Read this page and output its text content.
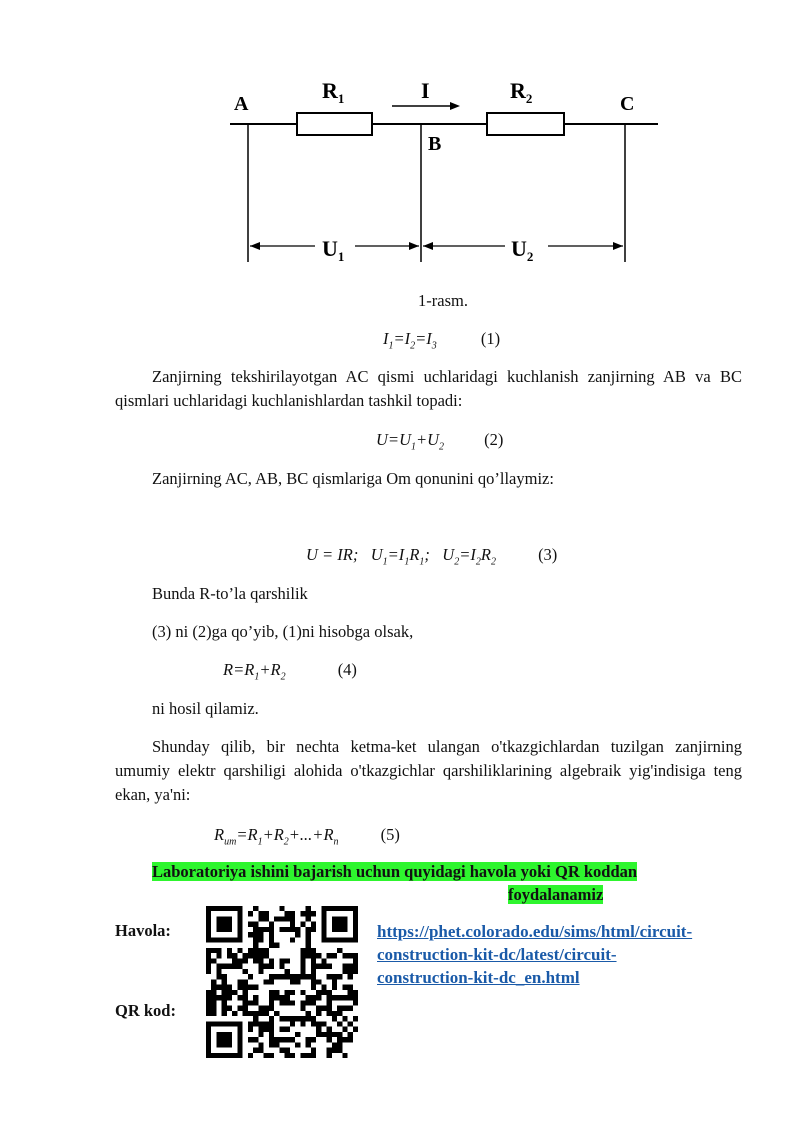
A
$R_1$	I
B
$R_2$	C
$U_1$	$U_2$
1-rasm.
$I_1=I_2=I_3$	(1)
Zanjirning tekshirilayotgan AC qismi uchlaridagi kuchlanish zanjirning AB va BC qismlari uchlaridagi kuchlanishlardan tashkil topadi:
$U=U_1+U_2$ (2)
Zanjirning AC, AB, BC qismlariga Om qonunini qo’llaymiz:
U = IR; $U_1=I_1R_1$; $U_2=I_2R_2$	(3)
Bunda R-to’la qarshilik
(3) ni (2)ga qo’yib, (1)ni hisobga olsak,
$R=R_1+R_2$	(4)
ni hosil qilamiz.
Shunday qilib, bir nechta ketma-ket ulangan o'tkazgichlardan tuzilgan zanjirning umumiy elektr qarshiligi alohida o'tkazgichlar qarshiliklarining algebraik yig'indisiga teng ekan, ya'ni:
$R_{um}=R_1+R_2+...+R_n$	(5)
Laboratoriya ishini bajarish uchun quyidagi havola yoki QR koddan
foydalanamiz
Havola:
QR kod:
https://phet.colorado.edu/sims/html/circuit-
construction-kit-dc/latest/circuit-
construction-kit-dc_en.html
